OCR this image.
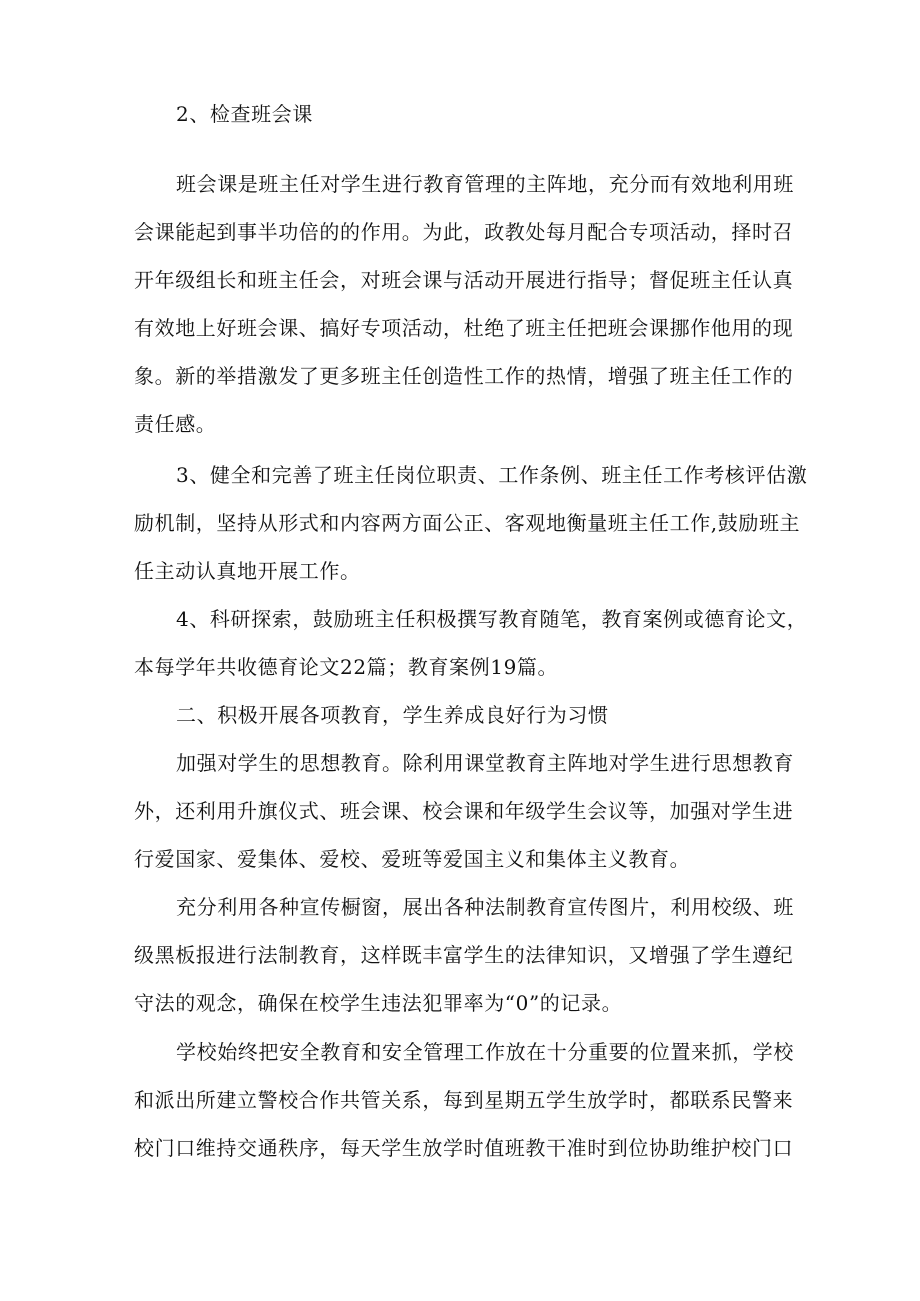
2、检查班会课
班会课是班主任对学生进行教育管理的主阵地，充分而有效地利用班
会课能起到事半功倍的的作用。为此，政教处每月配合专项活动，择时召
开年级组长和班主任会，对班会课与活动开展进行指导；督促班主任认真
有效地上好班会课、搞好专项活动，杜绝了班主任把班会课挪作他用的现
象。新的举措激发了更多班主任创造性工作的热情，增强了班主任工作的
责任感。
3、健全和完善了班主任岗位职责、工作条例、班主任工作考核评估激
励机制，坚持从形式和内容两方面公正、客观地衡量班主任工作,鼓励班主
任主动认真地开展工作。
4、科研探索，鼓励班主任积极撰写教育随笔，教育案例或德育论文，
本每学年共收德育论文22篇；教育案例19篇。
二、积极开展各项教育，学生养成良好行为习惯
加强对学生的思想教育。除利用课堂教育主阵地对学生进行思想教育
外，还利用升旗仪式、班会课、校会课和年级学生会议等，加强对学生进
行爱国家、爱集体、爱校、爱班等爱国主义和集体主义教育。
充分利用各种宣传橱窗，展出各种法制教育宣传图片，利用校级、班
级黑板报进行法制教育，这样既丰富学生的法律知识，又增强了学生遵纪
守法的观念，确保在校学生违法犯罪率为“0”的记录。
学校始终把安全教育和安全管理工作放在十分重要的位置来抓，学校
和派出所建立警校合作共管关系，每到星期五学生放学时，都联系民警来
校门口维持交通秩序，每天学生放学时值班教干准时到位协助维护校门口
